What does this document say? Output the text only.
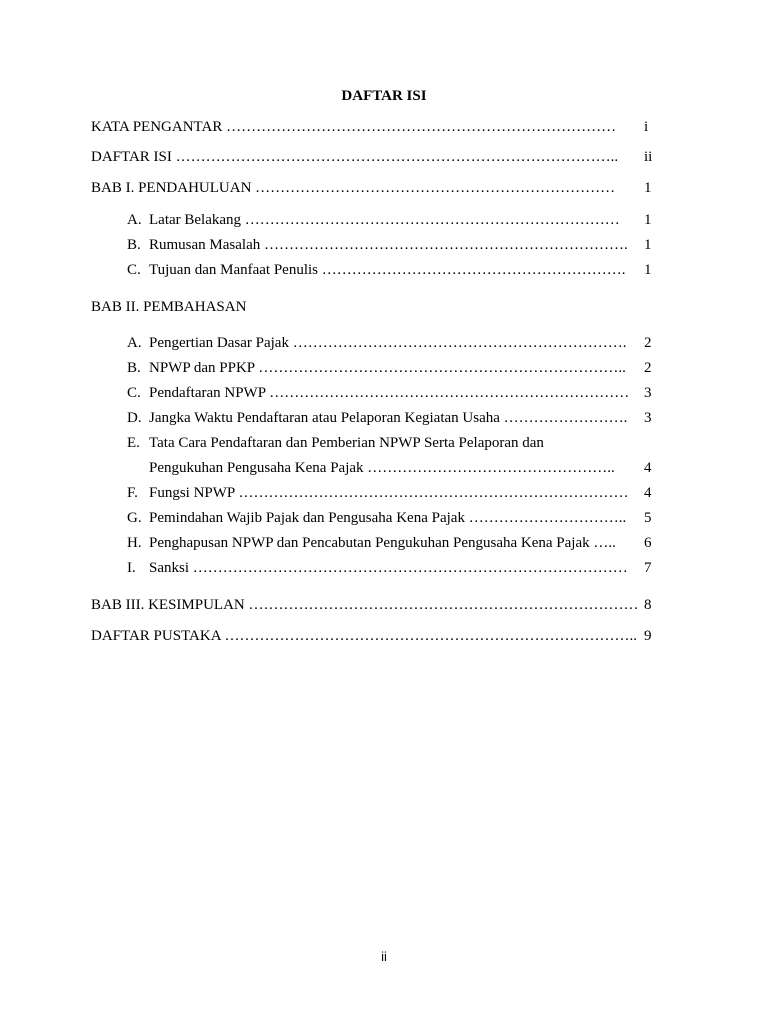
DAFTAR ISI
KATA PENGANTAR …………………………………………………………………… i
DAFTAR ISI …………………………………………………………………………….. ii
BAB I. PENDAHULUAN ……………………………………………………………… 1
A. Latar Belakang ………………………………………………………………… 1
B. Rumusan Masalah ………………………………………………………………. 1
C. Tujuan dan Manfaat Penulis ……………………………………………………. 1
BAB II. PEMBAHASAN
A. Pengertian Dasar Pajak …………………………………………………………. 2
B. NPWP dan PPKP ……………………………………………………………….. 2
C. Pendaftaran NPWP ……………………………………………………………… 3
D. Jangka Waktu Pendaftaran atau Pelaporan Kegiatan Usaha ……………………. 3
E. Tata Cara Pendaftaran dan Pemberian NPWP Serta Pelaporan dan
Pengukuhan Pengusaha Kena Pajak ………………………………………….. 4
F. Fungsi NPWP …………………………………………………………………… 4
G. Pemindahan Wajib Pajak dan Pengusaha Kena Pajak ………………………….. 5
H. Penghapusan NPWP dan Pencabutan Pengukuhan Pengusaha Kena Pajak ….. 6
I. Sanksi …………………………………………………………………………… 7
BAB III. KESIMPULAN …………………………………………………………………… 8
DAFTAR PUSTAKA ……………………………………………………………………….. 9
ii
